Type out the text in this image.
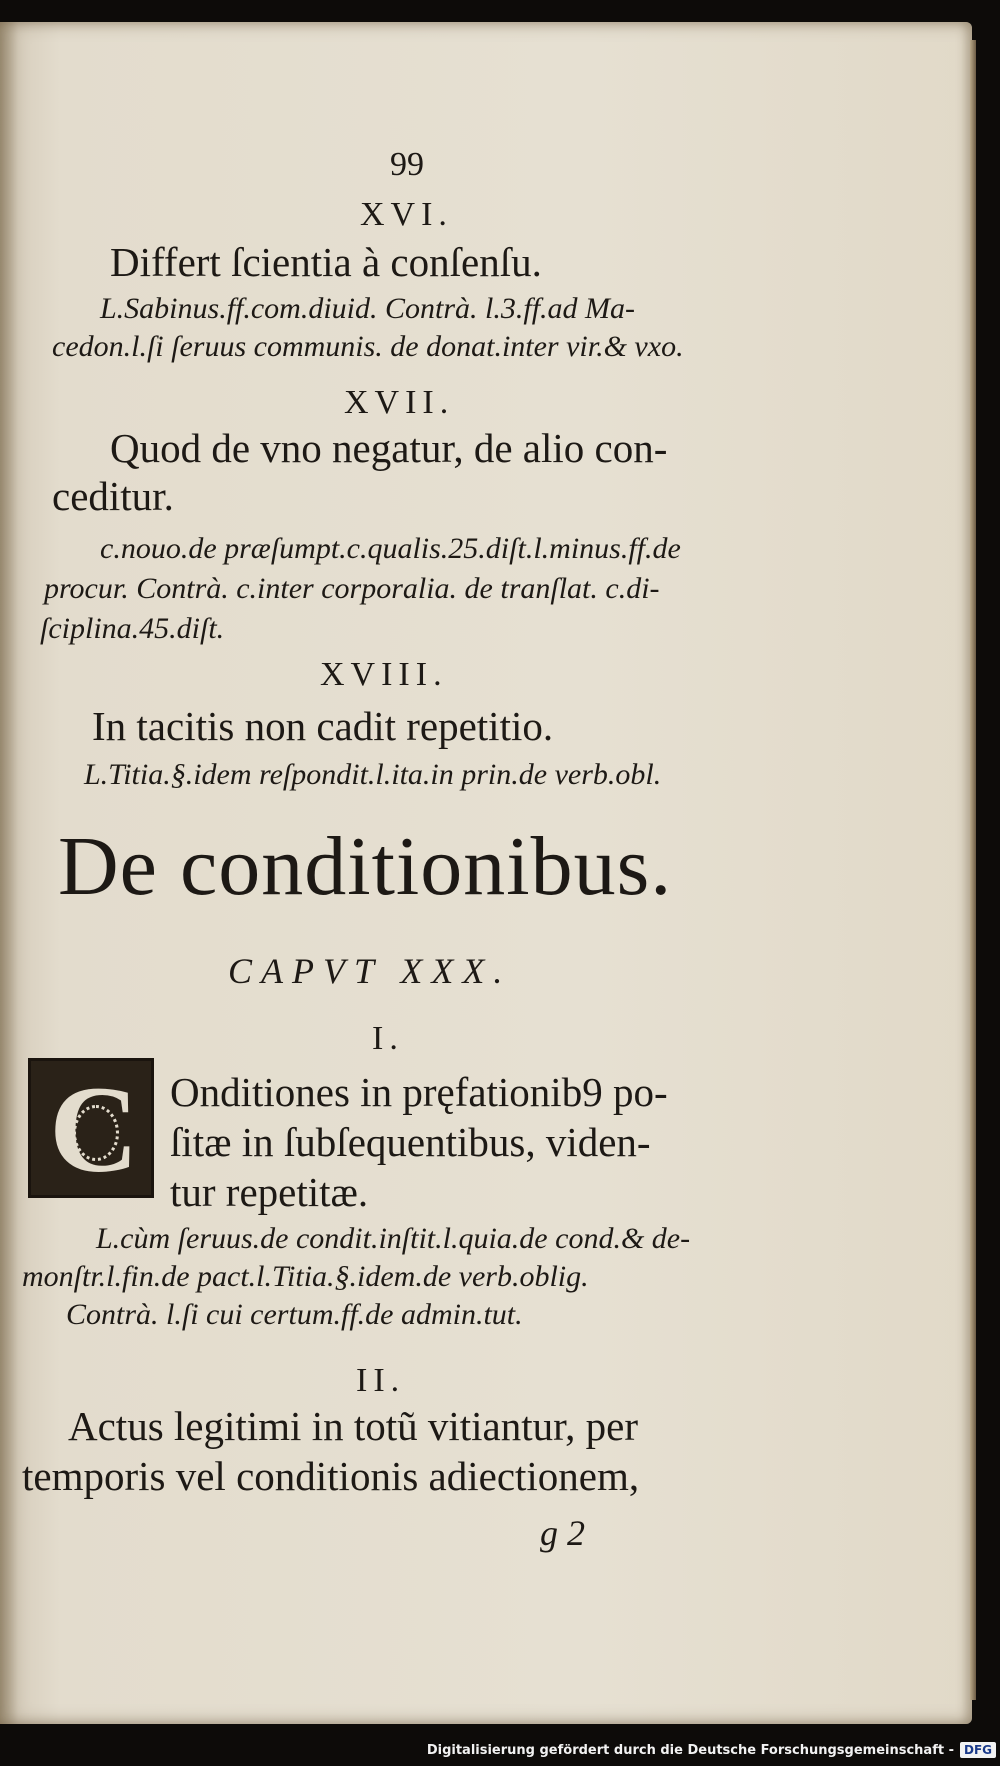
99
XVI.
Differt ſcientia à conſenſu.
L.Sabinus.ff.com.diuid. Contrà. l.3.ff.ad Ma-
cedon.l.ſi ſeruus communis. de donat.inter vir.& vxo.
XVII.
Quod de vno negatur, de alio con-
ceditur.
c.nouo.de præſumpt.c.qualis.25.diſt.l.minus.ff.de
procur. Contrà. c.inter corporalia. de tranſlat. c.di-
ſciplina.45.diſt.
XVIII.
In tacitis non cadit repetitio.
L.Titia.§.idem reſpondit.l.ita.in prin.de verb.obl.
De conditionibus.
CAPVT XXX.
I.
C Onditiones in pręfationib9 po-
ſitæ in ſubſequentibus, viden-
tur repetitæ.
L.cùm ſeruus.de condit.inſtit.l.quia.de cond.& de-
monſtr.l.fin.de pact.l.Titia.§.idem.de verb.oblig.
Contrà. l.ſi cui certum.ff.de admin.tut.
II.
Actus legitimi in totũ vitiantur, per
temporis vel conditionis adiectionem,
g 2
Digitalisierung gefördert durch die Deutsche Forschungsgemeinschaft - DFG
